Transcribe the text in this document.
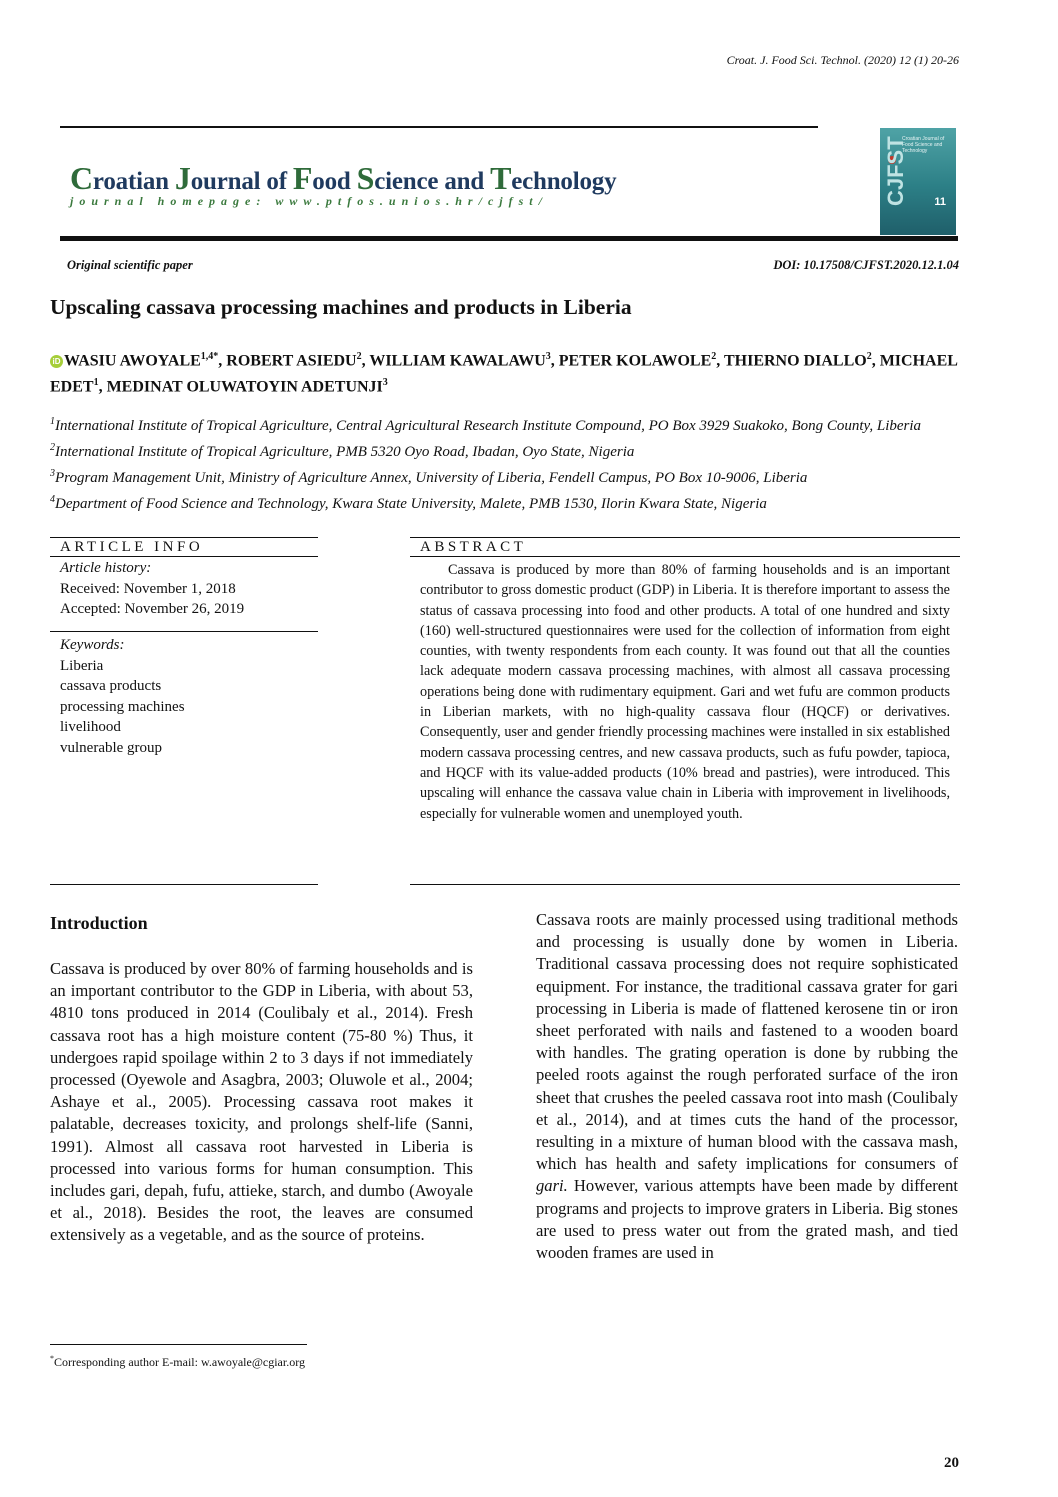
Croat. J. Food Sci. Technol. (2020) 12 (1) 20-26
Croatian Journal of Food Science and Technology
journal homepage: www.ptfos.unios.hr/cjfst/
Croatian Journal of Food Science and Technology
CJFST 11
Original scientific paper	DOI: 10.17508/CJFST.2020.12.1.04
Upscaling cassava processing machines and products in Liberia
iD WASIU $AWOYALE^{1,4*}$, ROBERT ASIEDU$^2$, WILLIAM KAWALAWU$^3$, PETER KOLAWOLE$^2$, THIERNO DIALLO$^2$, MICHAEL EDET$^1$, MEDINAT OLUWATOYIN ADETUNJI$^3$

$^1$International Institute of Tropical Agriculture, Central Agricultural Research Institute Compound, PO Box 3929 Suakoko, Bong County, Liberia

$^2$International Institute of Tropical Agriculture, PMB 5320 Oyo Road, Ibadan, Oyo State, Nigeria

$^3$Program Management Unit, Ministry of Agriculture Annex, University of Liberia, Fendell Campus, PO Box 10-9006, Liberia

$^4$Department of Food Science and Technology, Kwara State University, Malete, PMB 1530, Ilorin Kwara State, Nigeria

ARTICLE INFO	ABSTRACT
Article history:
Received: November 1, 2018
Accepted: November 26, 2019
Keywords:
Liberia
cassava products
processing machines
livelihood
vulnerable group
Cassava is produced by more than 80% of farming households and is an important contributor to gross domestic product (GDP) in Liberia. It is therefore important to assess the status of cassava processing into food and other products. A total of one hundred and sixty (160) well-structured questionnaires were used for the collection of information from eight counties, with twenty respondents from each county. It was found out that all the counties lack adequate modern cassava processing machines, with almost all cassava processing operations being done with rudimentary equipment. Gari and wet fufu are common products in Liberian markets, with no high-quality cassava flour (HQCF) or derivatives. Consequently, user and gender friendly processing machines were installed in six established modern cassava processing centres, and new cassava products, such as fufu powder, tapioca, and HQCF with its value-added products (10% bread and pastries), were introduced. This upscaling will enhance the cassava value chain in Liberia with improvement in livelihoods, especially for vulnerable women and unemployed youth.
Introduction
Cassava is produced by over 80% of farming households and is an important contributor to the GDP in Liberia, with about 53, 4810 tons produced in 2014 (Coulibaly et al., 2014). Fresh cassava root has a high moisture content (75-80 %) Thus, it undergoes rapid spoilage within 2 to 3 days if not immediately processed (Oyewole and Asagbra, 2003; Oluwole et al., 2004; Ashaye et al., 2005). Processing cassava root makes it palatable, decreases toxicity, and prolongs shelf-life (Sanni, 1991). Almost all cassava root harvested in Liberia is processed into various forms for human consumption. This includes gari, depah, fufu, attieke, starch, and dumbo (Awoyale et al., 2018). Besides the root, the leaves are consumed extensively as a vegetable, and as the source of proteins.
Cassava roots are mainly processed using traditional methods and processing is usually done by women in Liberia. Traditional cassava processing does not require sophisticated equipment. For instance, the traditional cassava grater for gari processing in Liberia is made of flattened kerosene tin or iron sheet perforated with nails and fastened to a wooden board with handles. The grating operation is done by rubbing the peeled roots against the rough perforated surface of the iron sheet that crushes the peeled cassava root into mash (Coulibaly et al., 2014), and at times cuts the hand of the processor, resulting in a mixture of human blood with the cassava mash, which has health and safety implications for consumers of gari. However, various attempts have been made by different programs and projects to improve graters in Liberia. Big stones are used to press water out from the grated mash, and tied wooden frames are used in
*Corresponding author E-mail: w.awoyale@cgiar.org
20
